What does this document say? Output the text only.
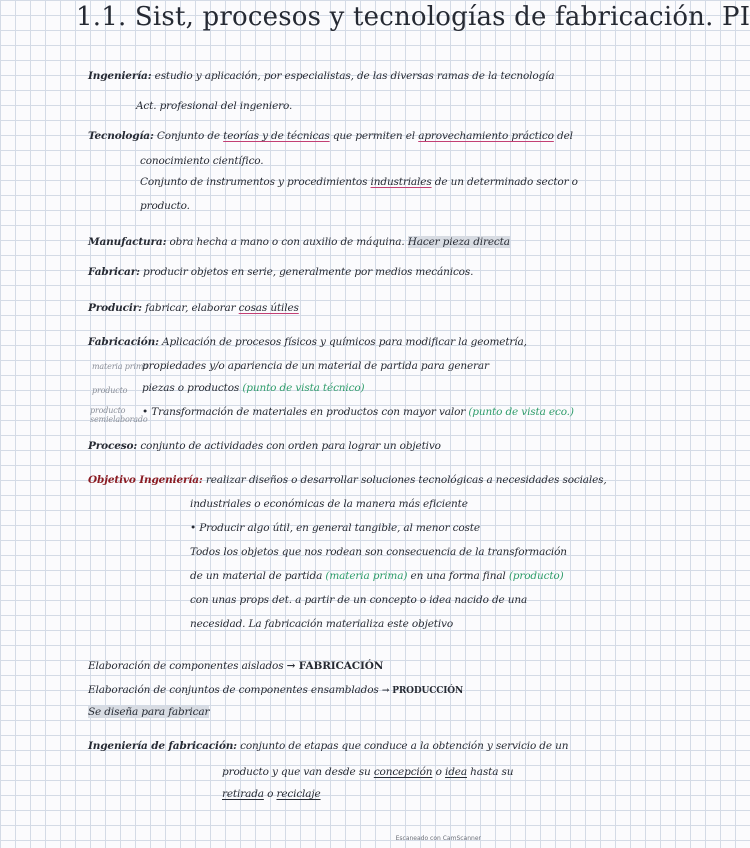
1.1. Sist, procesos y tecnologías de fabricación. PI
Ingeniería: estudio y aplicación, por especialistas, de las diversas ramas de la tecnología
Act. profesional del ingeniero.
Tecnología: Conjunto de teorías y de técnicas que permiten el aprovechamiento práctico del
conocimiento científico.
Conjunto de instrumentos y procedimientos industriales de un determinado sector o
producto.
Manufactura: obra hecha a mano o con auxilio de máquina. Hacer pieza directa
Fabricar: producir objetos en serie, generalmente por medios mecánicos.
Producir: fabricar, elaborar cosas útiles
Fabricación: Aplicación de procesos físicos y químicos para modificar la geometría,
materia prima
propiedades y/o apariencia de un material de partida para generar
producto piezas o productos (punto de vista técnico)
producto semielaborado
• Transformación de materiales en productos con mayor valor (punto de vista eco.)
Proceso: conjunto de actividades con orden para lograr un objetivo
Objetivo Ingeniería: realizar diseños o desarrollar soluciones tecnológicas a necesidades sociales,
industriales o económicas de la manera más eficiente
• Producir algo útil, en general tangible, al menor coste
Todos los objetos que nos rodean son consecuencia de la transformación
de un material de partida (materia prima) en una forma final (producto)
con unas props det. a partir de un concepto o idea nacido de una
necesidad. La fabricación materializa este objetivo
Elaboración de componentes aislados → FABRICACIÓN
Elaboración de conjuntos de componentes ensamblados → PRODUCCIÓN
Se diseña para fabricar
Ingeniería de fabricación: conjunto de etapas que conduce a la obtención y servicio de un
producto y que van desde su concepción o idea hasta su
retirada o reciclaje
Escaneado con CamScanner
